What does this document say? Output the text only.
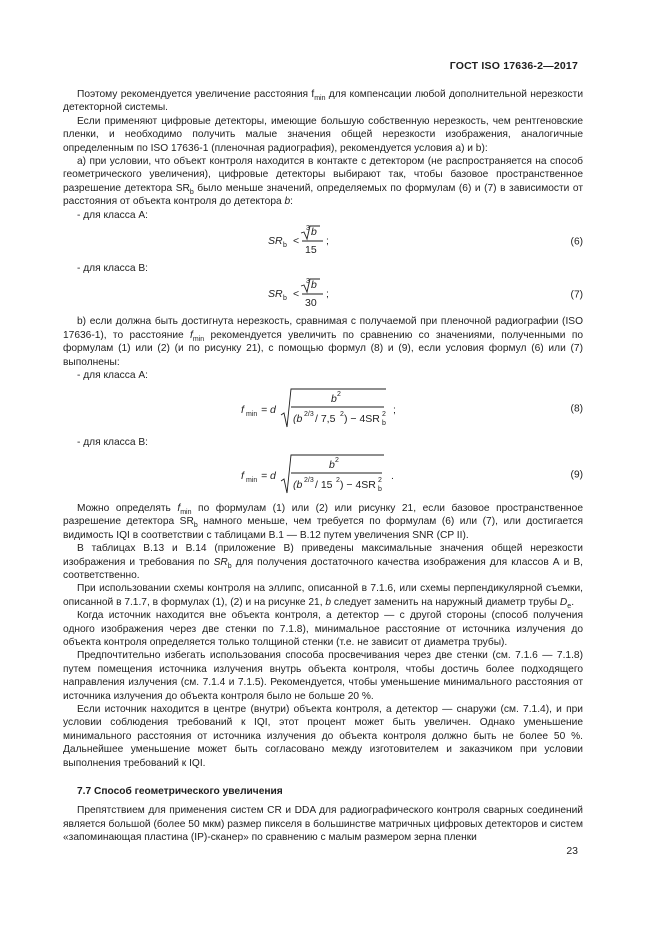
ГОСТ ISO 17636-2—2017

Поэтому рекомендуется увеличение расстояния $f_{min}$ для компенсации любой дополнительной нерезкости детекторной системы.

Если применяют цифровые детекторы, имеющие большую собственную нерезкость, чем рентгеновские пленки, и необходимо получить малые значения общей нерезкости изображения, аналогичные определенным по ISO 17636-1 (пленочная радиография), рекомендуется условия а) и b):

а) при условии, что объект контроля находится в контакте с детектором (не распространяется на способ геометрического увеличения), цифровые детекторы выбирают так, чтобы базовое пространственное разрешение детектора $SR_b$ было меньше значений, определяемых по формулам (6) и (7) в зависимости от расстояния от объекта контроля до детектора b:

- для класса А:

SR b <
3 b
15
;	(6)

- для класса В:

SR b <
3 b
30
;	(7)

b) если должна быть достигнута нерезкость, сравнимая с получаемой при пленочной радиографии (ISO 17636-1), то расстояние $f_{min}$ рекомендуется увеличить по сравнению со значениями, полученными по формулам (1) или (2) (и по рисунку 21), с помощью формул (8) и (9), если условия формул (6) или (7) выполнены:

- для класса А:

f min = d
b 2
(b 2/3 / 7,5 2 ) − 4SR 2
b
;	(8)

- для класса В:

f min = d
b 2
(b 2/3 / 15 2 ) − 4SR 2
b
.	(9)

Можно определять $f_{min}$ по формулам (1) или (2) или рисунку 21, если базовое пространственное разрешение детектора $SR_b$ намного меньше, чем требуется по формулам (6) или (7), или достигается видимость IQI в соответствии с таблицами В.1 — В.12 путем увеличения SNR (CP II).

В таблицах В.13 и В.14 (приложение В) приведены максимальные значения общей нерезкости изображения и требования по $SR_b$ для получения достаточного качества изображения для классов А и В, соответственно.

При использовании схемы контроля на эллипс, описанной в 7.1.6, или схемы перпендикулярной съемки, описанной в 7.1.7, в формулах (1), (2) и на рисунке 21, b следует заменить на наружный диаметр трубы $D_e$.

Когда источник находится вне объекта контроля, а детектор — с другой стороны (способ получения одного изображения через две стенки по 7.1.8), минимальное расстояние от источника излучения до объекта контроля определяется только толщиной стенки (т.е. не зависит от диаметра трубы).

Предпочтительно избегать использования способа просвечивания через две стенки (см. 7.1.6 — 7.1.8) путем помещения источника излучения внутрь объекта контроля, чтобы достичь более подходящего направления излучения (см. 7.1.4 и 7.1.5). Рекомендуется, чтобы уменьшение минимального расстояния от источника излучения до объекта контроля было не больше 20 %.

Если источник находится в центре (внутри) объекта контроля, а детектор — снаружи (см. 7.1.4), и при условии соблюдения требований к IQI, этот процент может быть увеличен. Однако уменьшение минимального расстояния от источника излучения до объекта контроля должно быть не более 50 %. Дальнейшее уменьшение может быть согласовано между изготовителем и заказчиком при условии выполнения требований к IQI.

7.7 Способ геометрического увеличения

Препятствием для применения систем CR и DDA для радиографического контроля сварных соединений является большой (более 50 мкм) размер пикселя в большинстве матричных цифровых детекторов и систем «запоминающая пластина (IP)-сканер» по сравнению с малым размером зерна пленки

23
